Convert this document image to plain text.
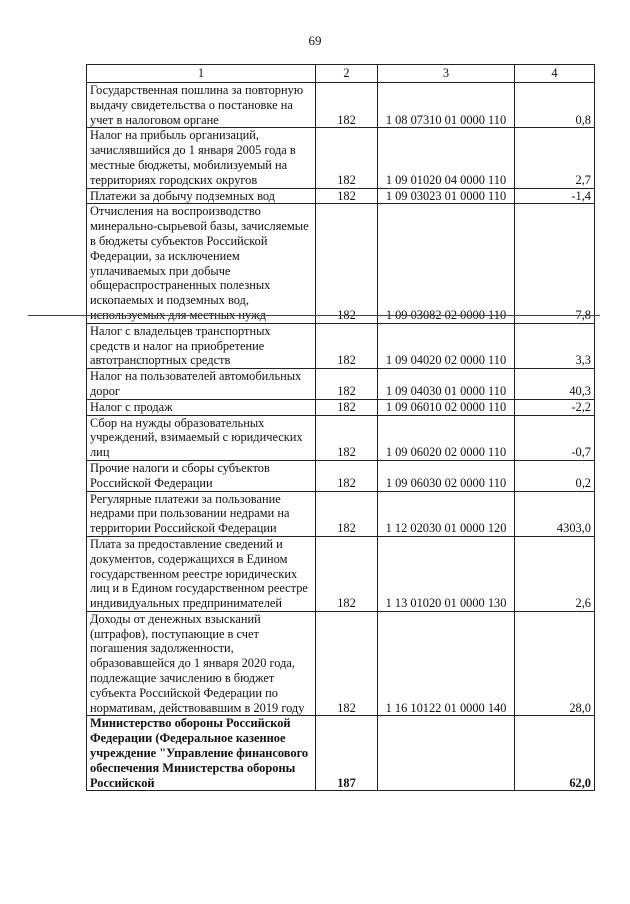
69
1	2	3	4
Государственная пошлина за повторную выдачу свидетельства о постановке на учет в налоговом органе	182	1 08 07310 01 0000 110	0,8
Налог на прибыль организаций, зачислявшийся до 1 января 2005 года в местные бюджеты, мобилизуемый на территориях городских округов	182	1 09 01020 04 0000 110	2,7
Платежи за добычу подземных вод	182	1 09 03023 01 0000 110	-1,4
Отчисления на воспроизводство минерально-сырьевой базы, зачисляемые в бюджеты субъектов Российской Федерации, за исключением уплачиваемых при добыче общераспространенных полезных ископаемых и подземных вод, используемых для местных нужд	182	1 09 03082 02 0000 110	7,8
Налог с владельцев транспортных средств и налог на приобретение автотранспортных средств	182	1 09 04020 02 0000 110	3,3
Налог на пользователей автомобильных дорог	182	1 09 04030 01 0000 110	40,3
Налог с продаж	182	1 09 06010 02 0000 110	-2,2
Сбор на нужды образовательных учреждений, взимаемый с юридических лиц	182	1 09 06020 02 0000 110	-0,7
Прочие налоги и сборы субъектов Российской Федерации	182	1 09 06030 02 0000 110	0,2
Регулярные платежи за пользование недрами при пользовании недрами на территории Российской Федерации	182	1 12 02030 01 0000 120	4303,0
Плата за предоставление сведений и документов, содержащихся в Едином государственном реестре юридических лиц и в Едином государственном реестре индивидуальных предпринимателей	182	1 13 01020 01 0000 130	2,6
Доходы от денежных взысканий (штрафов), поступающие в счет погашения задолженности, образовавшейся до 1 января 2020 года, подлежащие зачислению в бюджет субъекта Российской Федерации по нормативам, действовавшим в 2019 году	182	1 16 10122 01 0000 140	28,0
Министерство обороны Российской Федерации (Федеральное казенное учреждение "Управление финансового обеспечения Министерства обороны Российской	187		62,0
